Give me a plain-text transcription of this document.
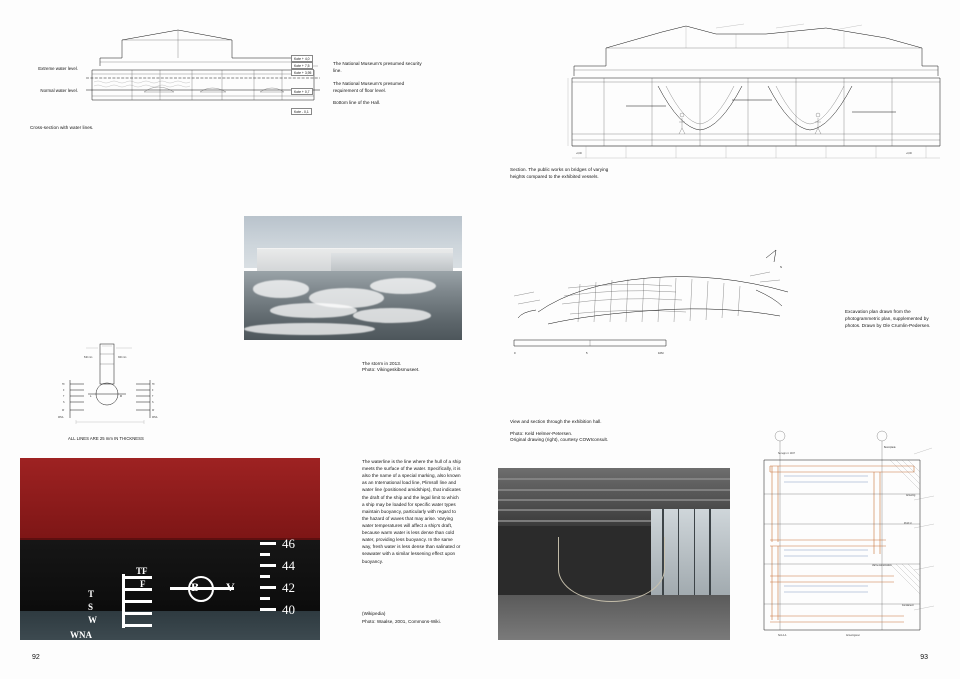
Extreme water level.
Normal water level.
Kote + 3,95
Kote + 0,7
Kote + 4,0
Kote + 7,5
Kote - 0,1
The National Museum's presumed security line.
The National Museum's presumed requirement of floor level.
Bottom line of the Hall.
Cross-section with water lines.
The storm in 2013.
Photo: Vikingeskibsmuseet.
L	R
TF
F
T
S
W
WNA
TF
F
T
S
W
WNA
540 mm	300 mm
ALL LINES ARE 25 mm IN THICKNESS
46
44
42
40
B V
TF
F
T
S
W
WNA
The waterline is the line where the hull of a ship meets the surface of the water. Specifically, it is also the name of a special marking, also known as an International load line, Plimsoll line and water line (positioned amidships), that indicates the draft of the ship and the legal limit to which a ship may be loaded for specific water types maintain buoyancy, particularly with regard to the hazard of waves that may arise. Varying water temperatures will affect a ship's draft, because warm water is less dense than cold water, providing less buoyancy. In the same way, fresh water is less dense than salinated or seawater with a similar lessening effect upon buoyancy.
(Wikipedia)
Photo: Waalse, 2001, Commons-Wiki.
92
+0,00	+0,00
Section. The public works on bridges of varying heights compared to the exhibited vessels.
N
0	5	10M
Excavation plan drawn from the photogrammetric plan, supplemented by photos. Drawn by Ole Crumlin-Pedersen.
View and section through the exhibition hall.
Photo: Keld Helmer-Petersen.
Original drawing (right), courtesy COWIconsult.
Betonplade
Armering
Profil U
Varme konstruktion
Fundament
Se tegn.nr. 1047
Snit A-A	Armeringsnet
93
